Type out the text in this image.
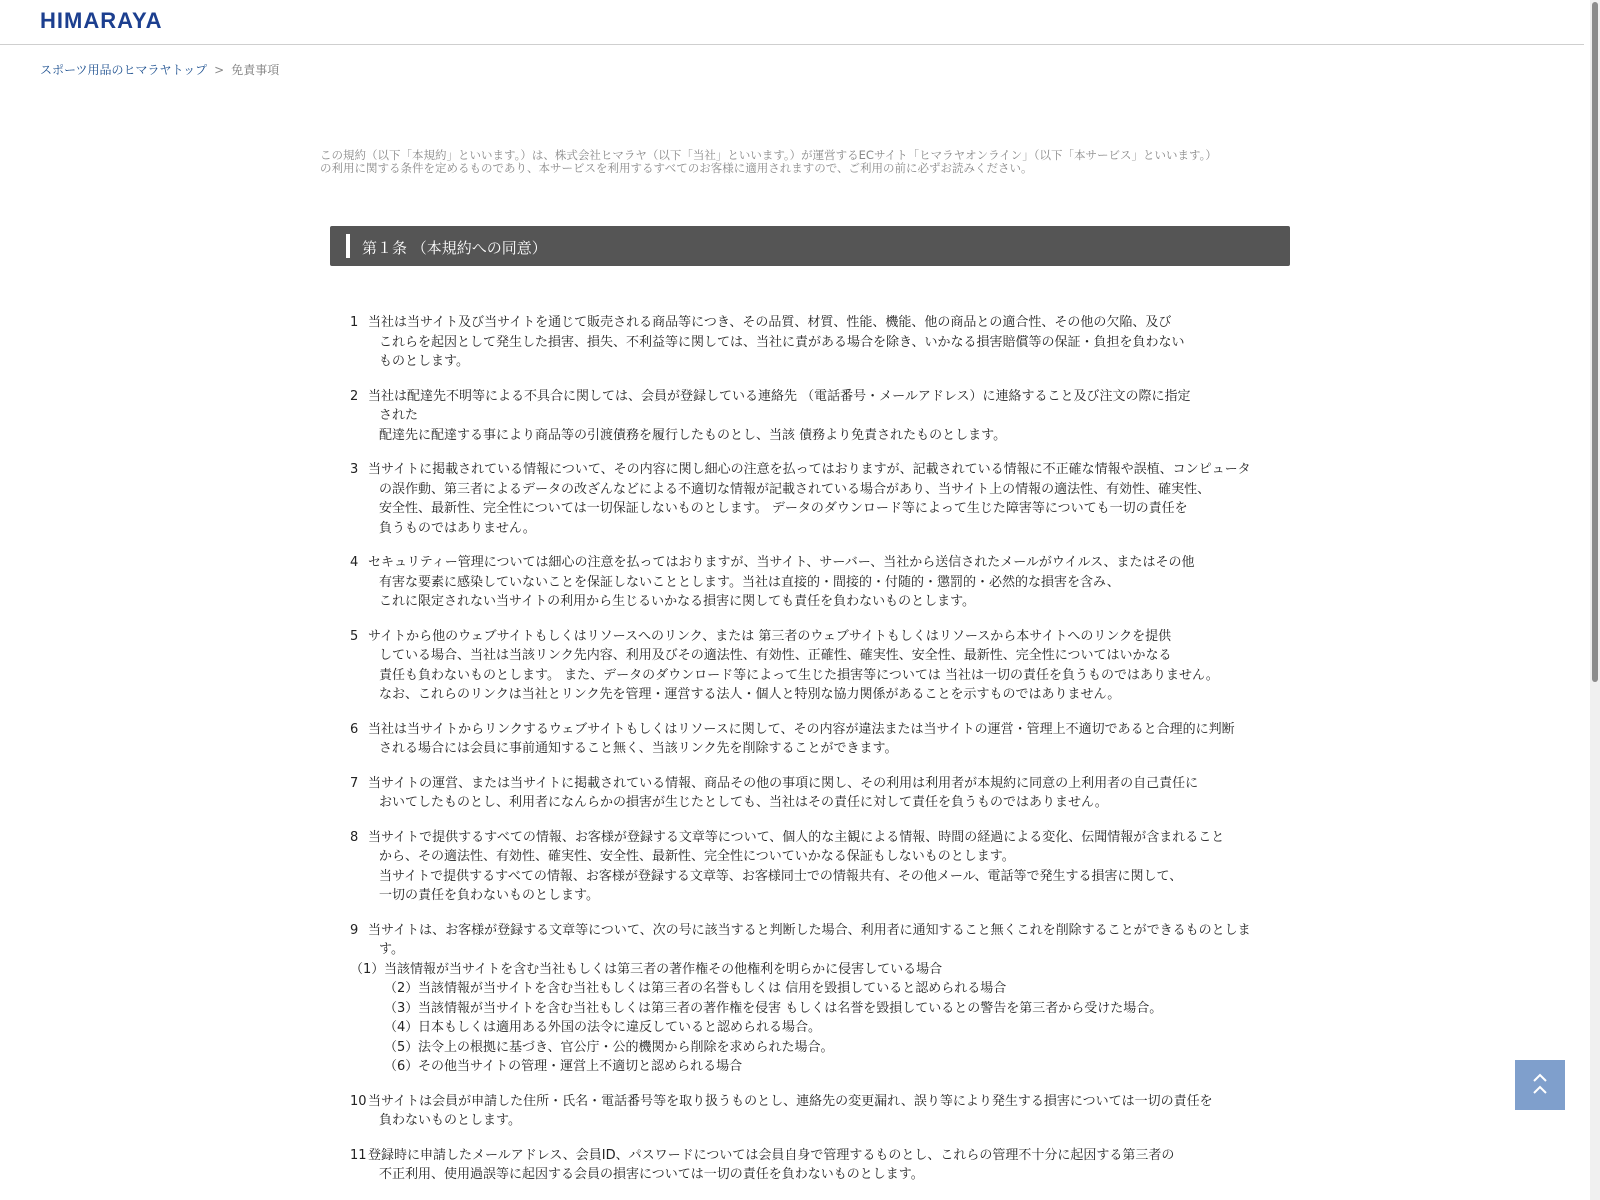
HIMARAYA
スポーツ用品のヒマラヤトップ > 免責事項
この規約（以下「本規約」といいます。）は、株式会社ヒマラヤ（以下「当社」といいます。）が運営するECサイト「ヒマラヤオンライン」（以下「本サービス」といいます。）
の利用に関する条件を定めるものであり、本サービスを利用するすべてのお客様に適用されますので、ご利用の前に必ずお読みください。
第１条 （本規約への同意）
1 当社は当サイト及び当サイトを通じて販売される商品等につき、その品質、材質、性能、機能、他の商品との適合性、その他の欠陥、及び
これらを起因として発生した損害、損失、不利益等に関しては、当社に責がある場合を除き、いかなる損害賠償等の保証・負担を負わない
ものとします。
2 当社は配達先不明等による不具合に関しては、会員が登録している連絡先 （電話番号・メールアドレス）に連絡すること及び注文の際に指定
された
配達先に配達する事により商品等の引渡債務を履行したものとし、当該 債務より免責されたものとします。
3 当サイトに掲載されている情報について、その内容に関し細心の注意を払ってはおりますが、記載されている情報に不正確な情報や誤植、コンピュータ
の誤作動、第三者によるデータの改ざんなどによる不適切な情報が記載されている場合があり、当サイト上の情報の適法性、有効性、確実性、
安全性、最新性、完全性については一切保証しないものとします。 データのダウンロード等によって生じた障害等についても一切の責任を
負うものではありません。
4 セキュリティー管理については細心の注意を払ってはおりますが、当サイト、サーバー、当社から送信されたメールがウイルス、またはその他
有害な要素に感染していないことを保証しないこととします。当社は直接的・間接的・付随的・懲罰的・必然的な損害を含み、
これに限定されない当サイトの利用から生じるいかなる損害に関しても責任を負わないものとします。
5 サイトから他のウェブサイトもしくはリソースへのリンク、または 第三者のウェブサイトもしくはリソースから本サイトへのリンクを提供
している場合、当社は当該リンク先内容、利用及びその適法性、有効性、正確性、確実性、安全性、最新性、完全性についてはいかなる
責任も負わないものとします。 また、データのダウンロード等によって生じた損害等については 当社は一切の責任を負うものではありません。
なお、これらのリンクは当社とリンク先を管理・運営する法人・個人と特別な協力関係があることを示すものではありません。
6 当社は当サイトからリンクするウェブサイトもしくはリソースに関して、その内容が違法または当サイトの運営・管理上不適切であると合理的に判断
される場合には会員に事前通知すること無く、当該リンク先を削除することができます。
7 当サイトの運営、または当サイトに掲載されている情報、商品その他の事項に関し、その利用は利用者が本規約に同意の上利用者の自己責任に
おいてしたものとし、利用者になんらかの損害が生じたとしても、当社はその責任に対して責任を負うものではありません。
8 当サイトで提供するすべての情報、お客様が登録する文章等について、個人的な主観による情報、時間の経過による変化、伝聞情報が含まれること
から、その適法性、有効性、確実性、安全性、最新性、完全性についていかなる保証もしないものとします。
当サイトで提供するすべての情報、お客様が登録する文章等、お客様同士での情報共有、その他メール、電話等で発生する損害に関して、
一切の責任を負わないものとします。
9 当サイトは、お客様が登録する文章等について、次の号に該当すると判断した場合、利用者に通知すること無くこれを削除することができるものとしま
す。
（1）当該情報が当サイトを含む当社もしくは第三者の著作権その他権利を明らかに侵害している場合
（2）当該情報が当サイトを含む当社もしくは第三者の名誉もしくは 信用を毀損していると認められる場合
（3）当該情報が当サイトを含む当社もしくは第三者の著作権を侵害 もしくは名誉を毀損しているとの警告を第三者から受けた場合。
（4）日本もしくは適用ある外国の法令に違反していると認められる場合。
（5）法令上の根拠に基づき、官公庁・公的機関から削除を求められた場合。
（6）その他当サイトの管理・運営上不適切と認められる場合
10 当サイトは会員が申請した住所・氏名・電話番号等を取り扱うものとし、連絡先の変更漏れ、誤り等により発生する損害については一切の責任を
負わないものとします。
11 登録時に申請したメールアドレス、会員ID、パスワードについては会員自身で管理するものとし、これらの管理不十分に起因する第三者の
不正利用、使用過誤等に起因する会員の損害については一切の責任を負わないものとします。
